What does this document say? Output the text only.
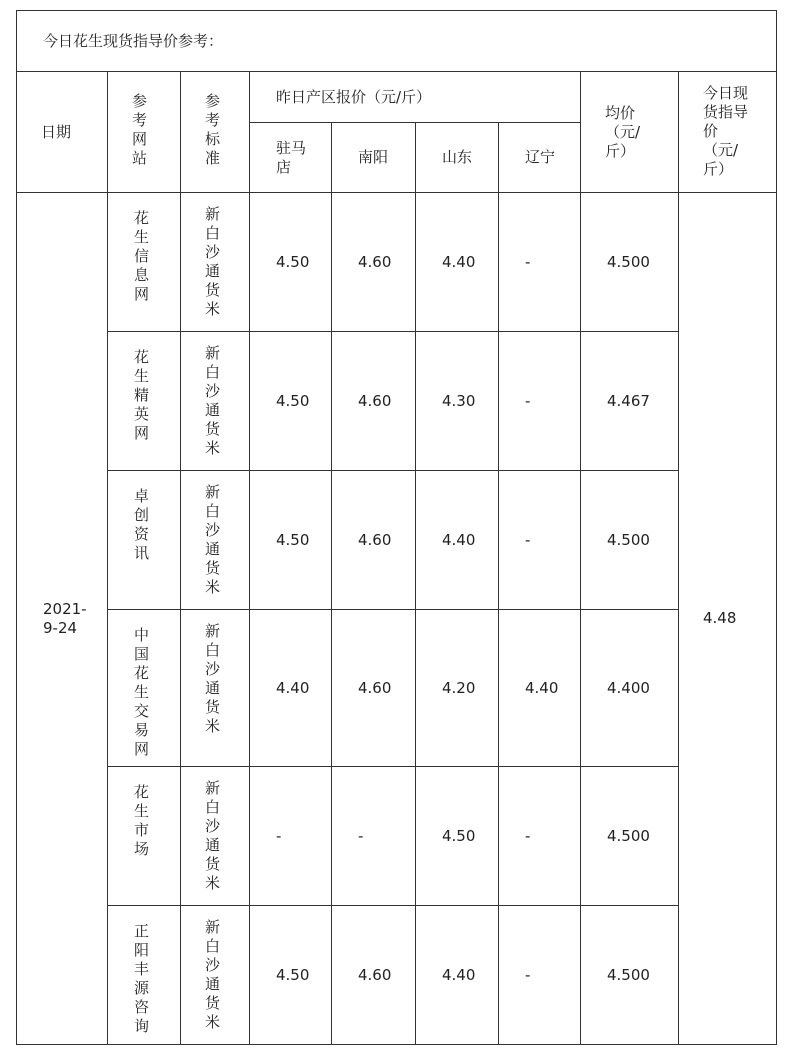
今日花生现货指导价参考：								
日期	参考网站	参考标准	昨日产区报价（元/斤）				均价（元/斤）	今日现货指导价（元/斤）

			驻马店	南阳	山东	辽宁		

2021-9-24	花生信息网	新白沙通货米	4.50	4.60	4.40	-	4.500	4.48

	花生精英网	新白沙通货米	4.50	4.60	4.30	-	4.467	

	卓创资讯	新白沙通货米	4.50	4.60	4.40	-	4.500	

	中国花生交易网	新白沙通货米	4.40	4.60	4.20	4.40	4.400	

	花生市场	新白沙通货米	-	-	4.50	-	4.500	

	正阳丰源咨询	新白沙通货米	4.50	4.60	4.40	-	4.500	
